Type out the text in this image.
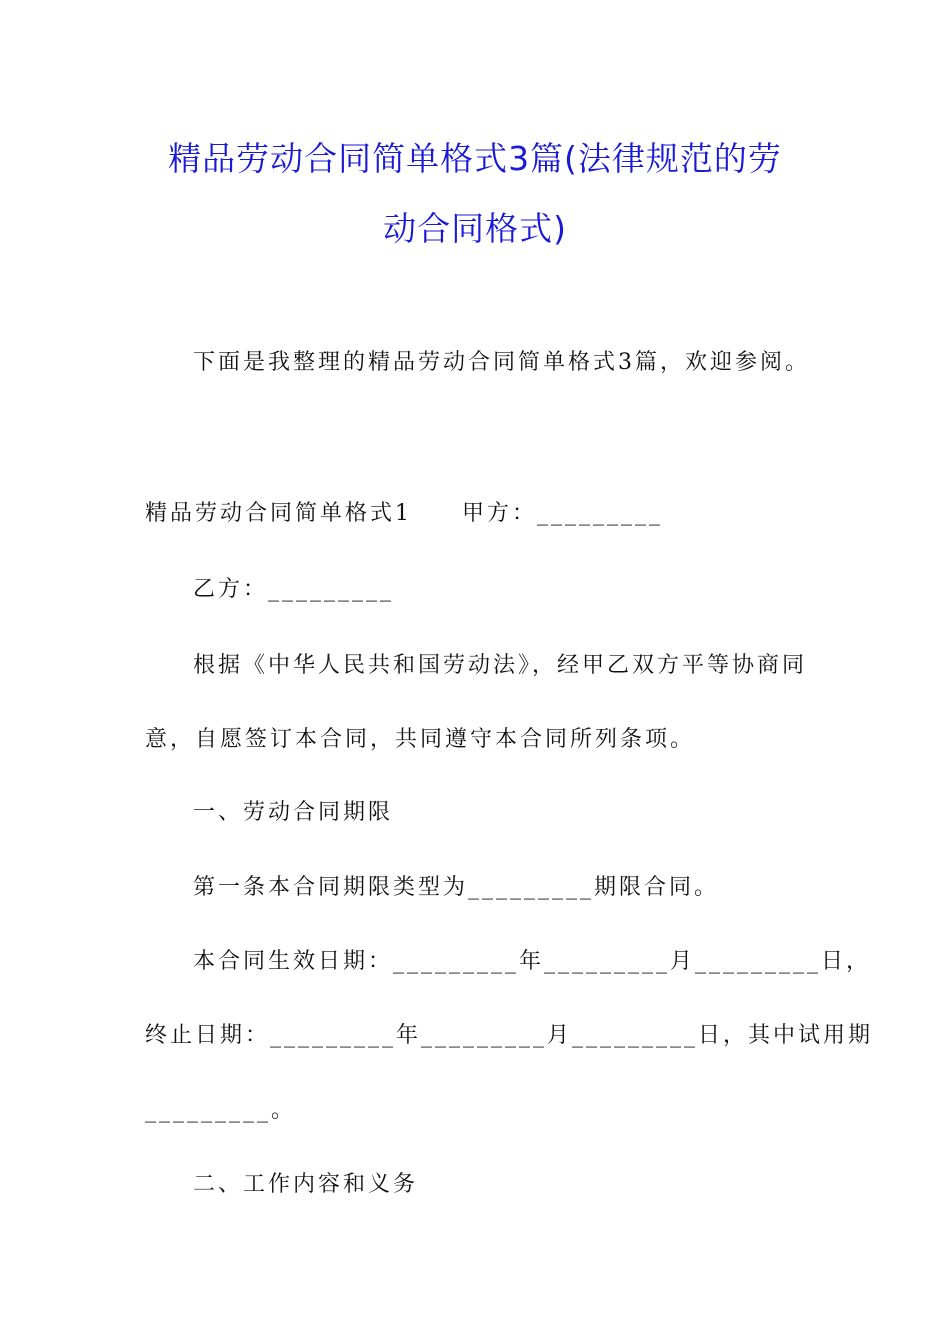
精品劳动合同简单格式3篇(法律规范的劳
动合同格式)
下面是我整理的精品劳动合同简单格式3篇，欢迎参阅。
精品劳动合同简单格式1　　甲方：_________
乙方：_________
根据《中华人民共和国劳动法》，经甲乙双方平等协商同
意，自愿签订本合同，共同遵守本合同所列条项。
一、劳动合同期限
第一条本合同期限类型为_________期限合同。
本合同生效日期：_________年_________月_________日，
终止日期：_________年_________月_________日，其中试用期
_________。
二、工作内容和义务
